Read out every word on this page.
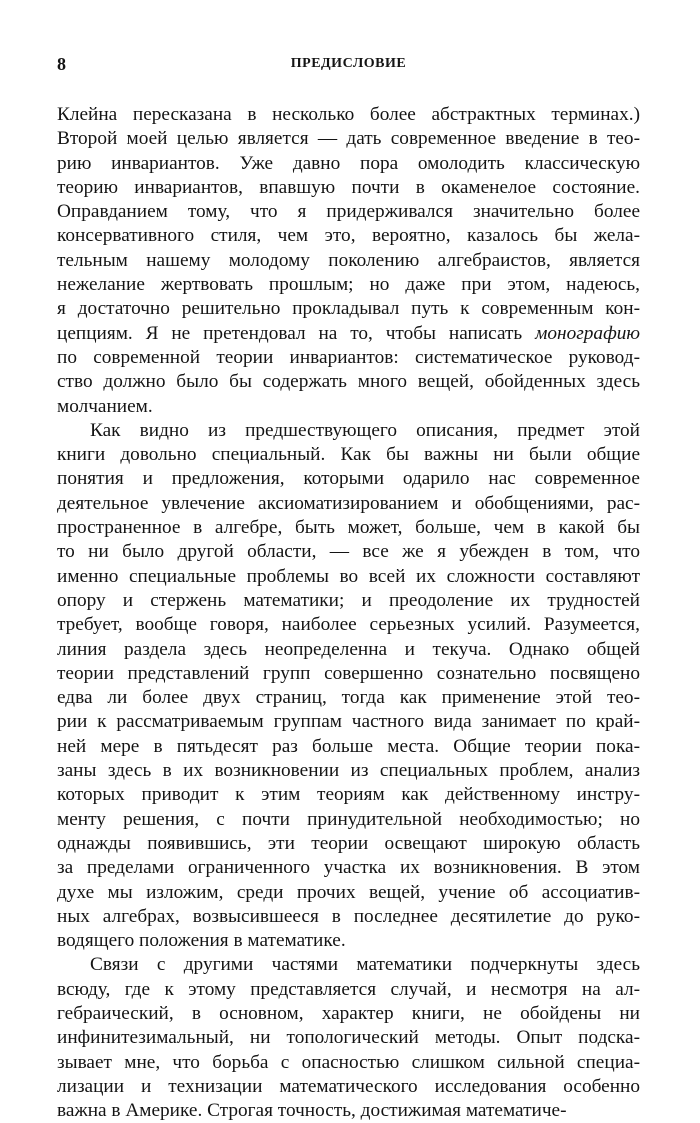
8	ПРЕДИСЛОВИЕ

Клейна пересказана в несколько более абстрактных терминах.)
Второй моей целью является — дать современное введение в тео-
рию инвариантов. Уже давно пора омолодить классическую
теорию инвариантов, впавшую почти в окаменелое состояние.
Оправданием тому, что я придерживался значительно более
консервативного стиля, чем это, вероятно, казалось бы жела-
тельным нашему молодому поколению алгебраистов, является
нежелание жертвовать прошлым; но даже при этом, надеюсь,
я достаточно решительно прокладывал путь к современным кон-
цепциям. Я не претендовал на то, чтобы написать монографию
по современной теории инвариантов: систематическое руковод-
ство должно было бы содержать много вещей, обойденных здесь
молчанием.

Как видно из предшествующего описания, предмет этой
книги довольно специальный. Как бы важны ни были общие
понятия и предложения, которыми одарило нас современное
деятельное увлечение аксиоматизированием и обобщениями, рас-
пространенное в алгебре, быть может, больше, чем в какой бы
то ни было другой области, — все же я убежден в том, что
именно специальные проблемы во всей их сложности составляют
опору и стержень математики; и преодоление их трудностей
требует, вообще говоря, наиболее серьезных усилий. Разумеется,
линия раздела здесь неопределенна и текуча. Однако общей
теории представлений групп совершенно сознательно посвящено
едва ли более двух страниц, тогда как применение этой тео-
рии к рассматриваемым группам частного вида занимает по край-
ней мере в пятьдесят раз больше места. Общие теории пока-
заны здесь в их возникновении из специальных проблем, анализ
которых приводит к этим теориям как действенному инстру-
менту решения, с почти принудительной необходимостью; но
однажды появившись, эти теории освещают широкую область
за пределами ограниченного участка их возникновения. В этом
духе мы изложим, среди прочих вещей, учение об ассоциатив-
ных алгебрах, возвысившееся в последнее десятилетие до руко-
водящего положения в математике.

Связи с другими частями математики подчеркнуты здесь
всюду, где к этому представляется случай, и несмотря на ал-
гебраический, в основном, характер книги, не обойдены ни
инфинитезимальный, ни топологический методы. Опыт подска-
зывает мне, что борьба с опасностью слишком сильной специа-
лизации и технизации математического исследования особенно
важна в Америке. Строгая точность, достижимая математиче-
